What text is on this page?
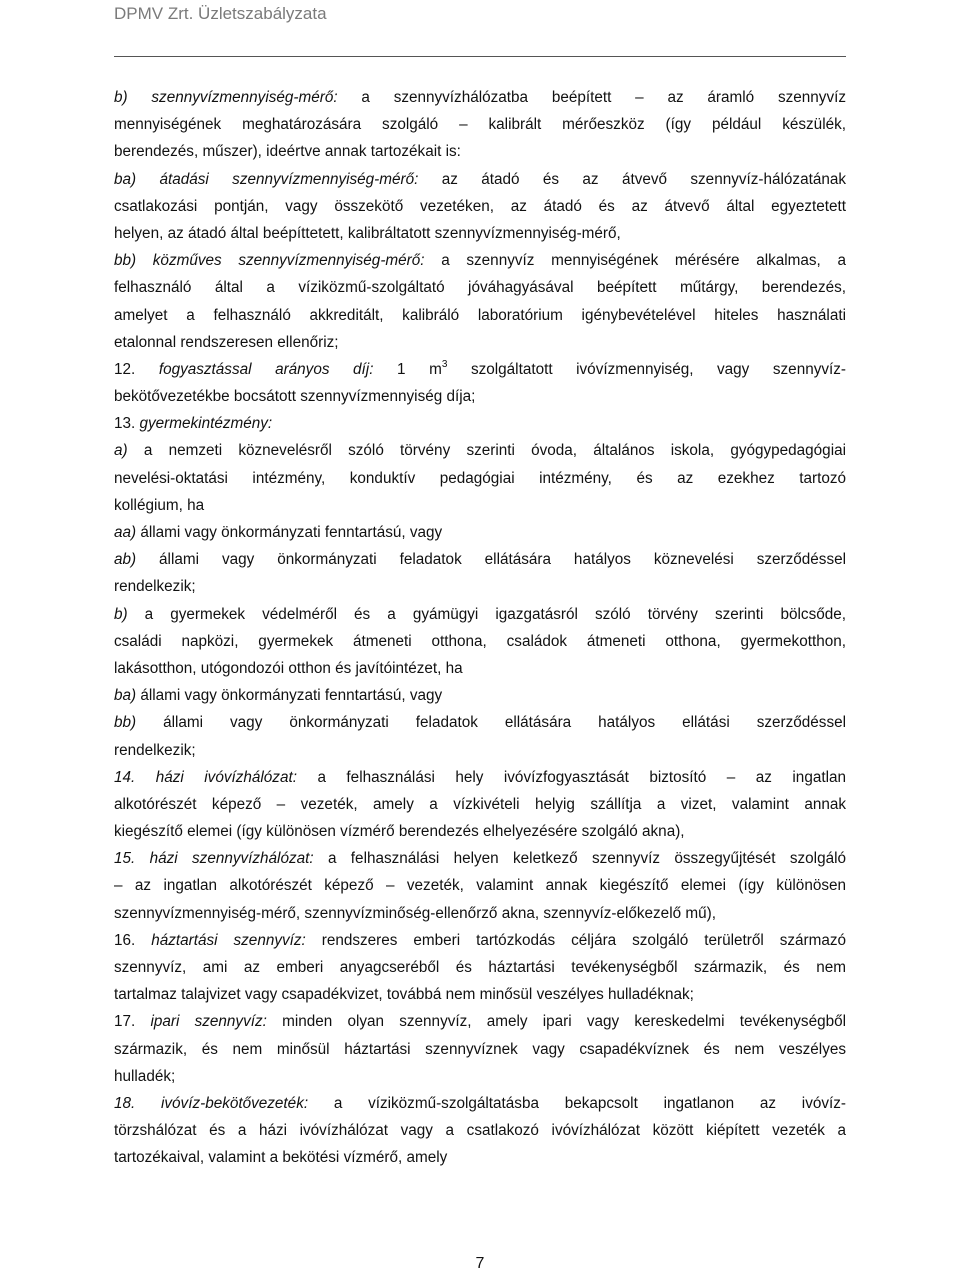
DPMV Zrt. Üzletszabályzata
b) szennyvízmennyiség-mérő: a szennyvízhálózatba beépített – az áramló szennyvíz
mennyiségének meghatározására szolgáló – kalibrált mérőeszköz (így például készülék,
berendezés, műszer), ideértve annak tartozékait is:
ba) átadási szennyvízmennyiség-mérő: az átadó és az átvevő szennyvíz-hálózatának
csatlakozási pontján, vagy összekötő vezetéken, az átadó és az átvevő által egyeztetett
helyen, az átadó által beépíttetett, kalibráltatott szennyvízmennyiség-mérő,
bb) közműves szennyvízmennyiség-mérő: a szennyvíz mennyiségének mérésére alkalmas, a
felhasználó által a víziközmű-szolgáltató jóváhagyásával beépített műtárgy, berendezés,
amelyet a felhasználó akkreditált, kalibráló laboratórium igénybevételével hiteles használati
etalonnal rendszeresen ellenőriz;
12. fogyasztással arányos díj: 1 $m^3$ szolgáltatott ivóvízmennyiség, vagy szennyvíz-
bekötővezetékbe bocsátott szennyvízmennyiség díja;
13. gyermekintézmény:
a) a nemzeti köznevelésről szóló törvény szerinti óvoda, általános iskola, gyógypedagógiai
nevelési-oktatási intézmény, konduktív pedagógiai intézmény, és az ezekhez tartozó
kollégium, ha
aa) állami vagy önkormányzati fenntartású, vagy
ab) állami vagy önkormányzati feladatok ellátására hatályos köznevelési szerződéssel
rendelkezik;
b) a gyermekek védelméről és a gyámügyi igazgatásról szóló törvény szerinti bölcsőde,
családi napközi, gyermekek átmeneti otthona, családok átmeneti otthona, gyermekotthon,
lakásotthon, utógondozói otthon és javítóintézet, ha
ba) állami vagy önkormányzati fenntartású, vagy
bb) állami vagy önkormányzati feladatok ellátására hatályos ellátási szerződéssel
rendelkezik;
14. házi ivóvízhálózat: a felhasználási hely ivóvízfogyasztását biztosító – az ingatlan
alkotórészét képező – vezeték, amely a vízkivételi helyig szállítja a vizet, valamint annak
kiegészítő elemei (így különösen vízmérő berendezés elhelyezésére szolgáló akna),
15. házi szennyvízhálózat: a felhasználási helyen keletkező szennyvíz összegyűjtését szolgáló
– az ingatlan alkotórészét képező – vezeték, valamint annak kiegészítő elemei (így különösen
szennyvízmennyiség-mérő, szennyvízminőség-ellenőrző akna, szennyvíz-előkezelő mű),
16. háztartási szennyvíz: rendszeres emberi tartózkodás céljára szolgáló területről származó
szennyvíz, ami az emberi anyagcseréből és háztartási tevékenységből származik, és nem
tartalmaz talajvizet vagy csapadékvizet, továbbá nem minősül veszélyes hulladéknak;
17. ipari szennyvíz: minden olyan szennyvíz, amely ipari vagy kereskedelmi tevékenységből
származik, és nem minősül háztartási szennyvíznek vagy csapadékvíznek és nem veszélyes
hulladék;
18. ivóvíz-bekötővezeték: a víziközmű-szolgáltatásba bekapcsolt ingatlanon az ivóvíz-
törzshálózat és a házi ivóvízhálózat vagy a csatlakozó ivóvízhálózat között kiépített vezeték a
tartozékaival, valamint a bekötési vízmérő, amely
7
